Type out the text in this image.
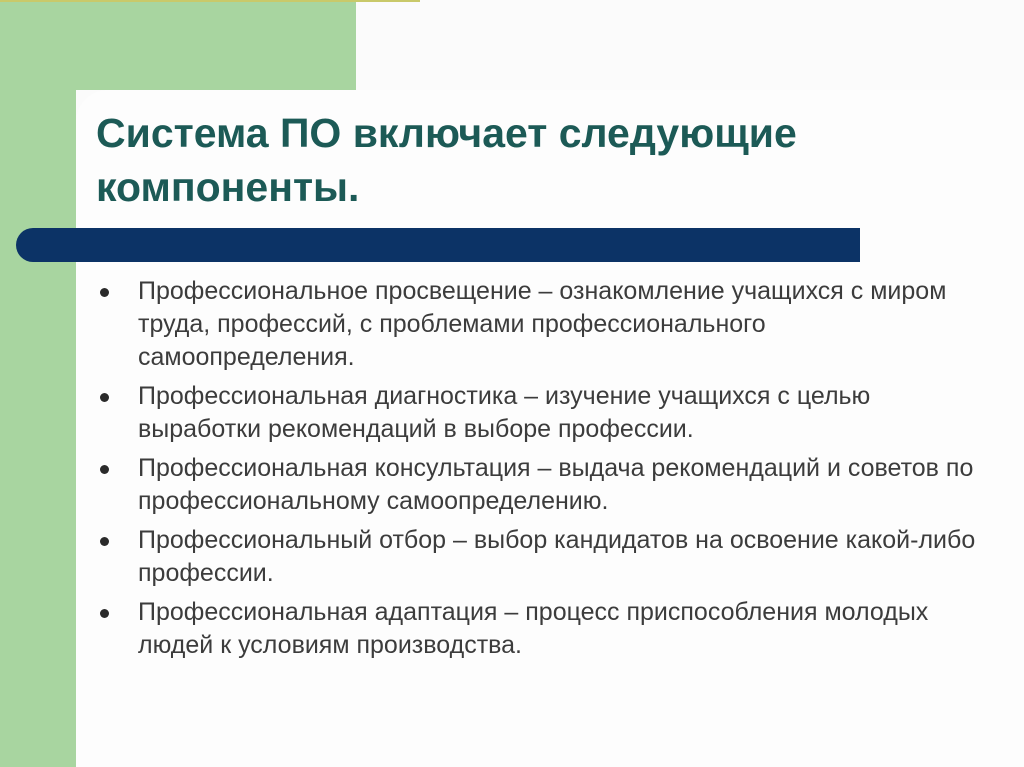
Система ПО включает следующие компоненты.
Профессиональное просвещение – ознакомление учащихся с миром труда, профессий, с проблемами профессионального самоопределения.
Профессиональная диагностика – изучение учащихся с целью выработки рекомендаций в выборе профессии.
Профессиональная консультация – выдача рекомендаций и советов по профессиональному самоопределению.
Профессиональный отбор – выбор кандидатов на освоение какой-либо профессии.
Профессиональная адаптация – процесс приспособления молодых людей к условиям производства.
